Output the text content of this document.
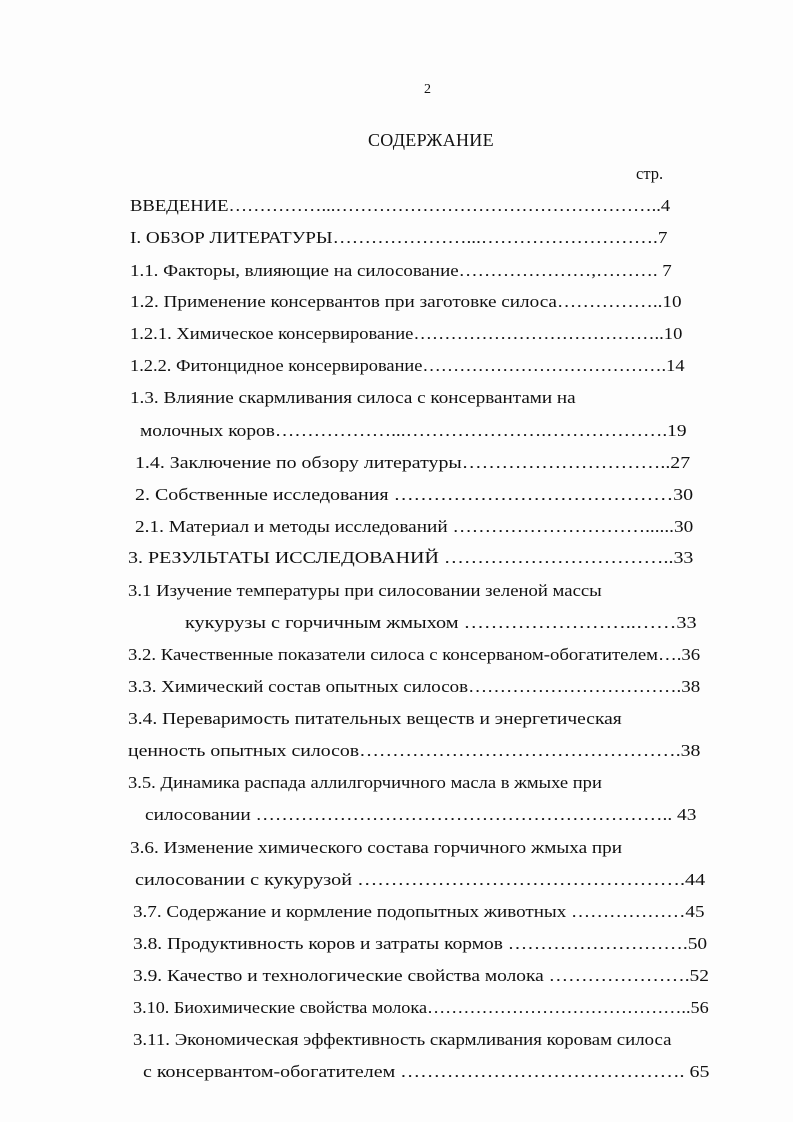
2
СОДЕРЖАНИЕ
стр.
ВВЕДЕНИЕ……………...……………………………………………..4
I. ОБЗОР ЛИТЕРАТУРЫ…………………...……………………….7
1.1. Факторы, влияющие на силосование…………………,………. 7
1.2. Применение консервантов при заготовке силоса……………..10
1.2.1. Химическое консервирование…………………………………..10
1.2.2. Фитонцидное консервирование………………………………….14
1.3. Влияние скармливания силоса с консервантами на
молочных коров………………...………………….……………….19
1.4. Заключение по обзору литературы…………………………..27
2. Собственные исследования ……………………………………30
2.1. Материал и методы исследований …………………………......30
3. РЕЗУЛЬТАТЫ ИССЛЕДОВАНИЙ ……………………………..33
3.1 Изучение температуры при силосовании зеленой массы
кукурузы с горчичным жмыхом ……………………..……33
3.2. Качественные показатели силоса с консерваном-обогатителем….36
3.3. Химический состав опытных силосов…………………………….38
3.4. Переваримость питательных веществ и энергетическая
ценность опытных силосов………………………………………….38
3.5. Динамика распада аллилгорчичного масла в жмыхе при
силосовании ……………………………………………………….. 43
3.6. Изменение химического состава горчичного жмыха при
силосовании с кукурузой ………………………………………….44
3.7. Содержание и кормление подопытных животных ………………45
3.8. Продуктивность коров и затраты кормов ……………………….50
3.9. Качество и технологические свойства молока ………………….52
3.10. Биохимические свойства молока……………………………………..56
3.11. Экономическая эффективность скармливания коровам силоса
с консервантом-обогатителем ……………………………………. 65
